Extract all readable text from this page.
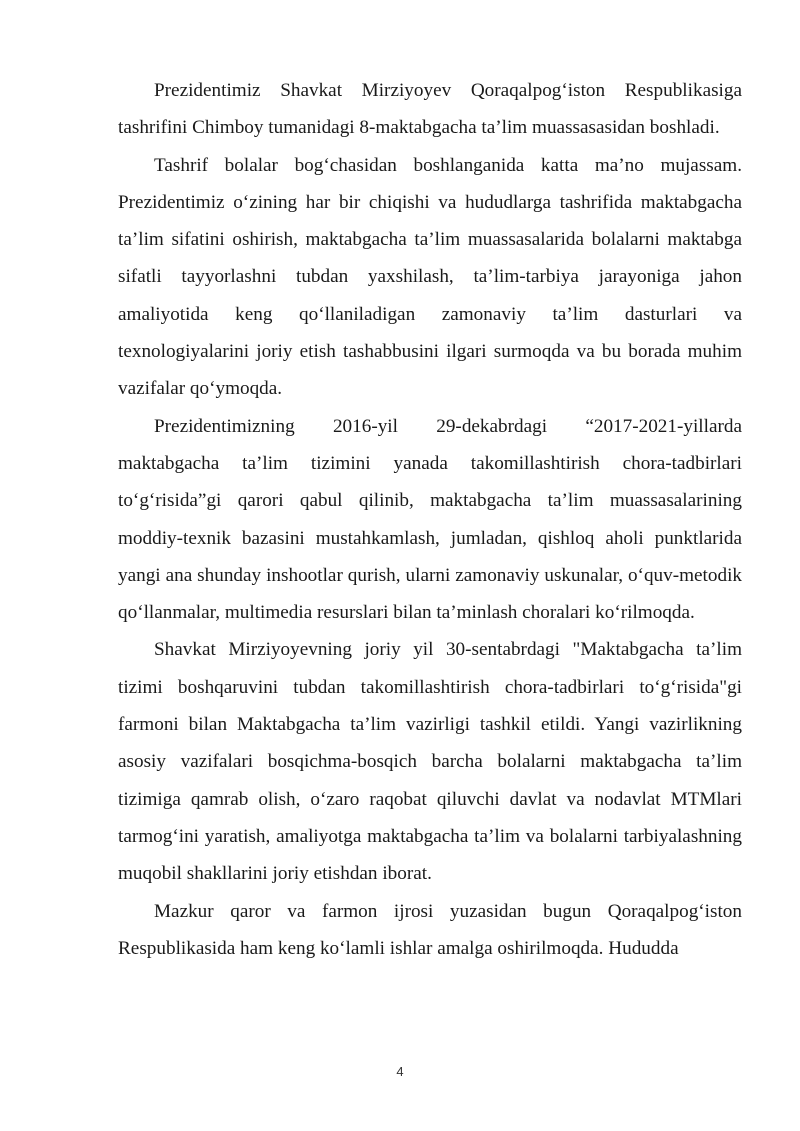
Prezidentimiz Shavkat Mirziyoyev Qoraqalpog‘iston Respublikasiga tashrifini Chimboy tumanidagi 8-maktabgacha ta’lim muassasasidan boshladi.

Tashrif bolalar bog‘chasidan boshlanganida katta ma’no mujassam. Prezidentimiz o‘zining har bir chiqishi va hududlarga tashrifida maktabgacha ta’lim sifatini oshirish, maktabgacha ta’lim muassasalarida bolalarni maktabga sifatli tayyorlashni tubdan yaxshilash, ta’lim-tarbiya jarayoniga jahon amaliyotida keng qo‘llaniladigan zamonaviy ta’lim dasturlari va texnologiyalarini joriy etish tashabbusini ilgari surmoqda va bu borada muhim vazifalar qo‘ymoqda.

Prezidentimizning 2016-yil 29-dekabrdagi “2017-2021-yillarda maktabgacha ta’lim tizimini yanada takomillashtirish chora-tadbirlari to‘g‘risida”gi qarori qabul qilinib, maktabgacha ta’lim muassasalarining moddiy-texnik bazasini mustahkamlash, jumladan, qishloq aholi punktlarida yangi ana shunday inshootlar qurish, ularni zamonaviy uskunalar, o‘quv-metodik qo‘llanmalar, multimedia resurslari bilan ta’minlash choralari ko‘rilmoqda.

Shavkat Mirziyoyevning joriy yil 30-sentabrdagi "Maktabgacha ta’lim tizimi boshqaruvini tubdan takomillashtirish chora-tadbirlari to‘g‘risida"gi farmoni bilan Maktabgacha ta’lim vazirligi tashkil etildi. Yangi vazirlikning asosiy vazifalari bosqichma-bosqich barcha bolalarni maktabgacha ta’lim tizimiga qamrab olish, o‘zaro raqobat qiluvchi davlat va nodavlat MTMlari tarmog‘ini yaratish, amaliyotga maktabgacha ta’lim va bolalarni tarbiyalashning muqobil shakllarini joriy etishdan iborat.

Mazkur qaror va farmon ijrosi yuzasidan bugun Qoraqalpog‘iston Respublikasida ham keng ko‘lamli ishlar amalga oshirilmoqda. Hududda

4
